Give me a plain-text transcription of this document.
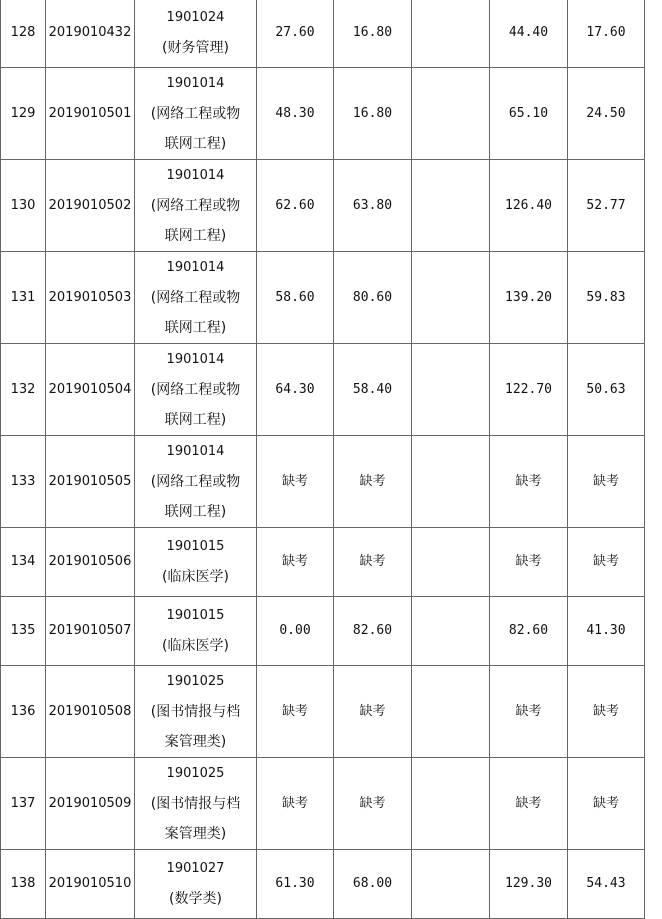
128	2019010432	1901024
(财务管理)	27.60	16.80		44.40	17.60
129	2019010501	1901014
(网络工程或物
联网工程)	48.30	16.80		65.10	24.50
130	2019010502	1901014
(网络工程或物
联网工程)	62.60	63.80		126.40	52.77
131	2019010503	1901014
(网络工程或物
联网工程)	58.60	80.60		139.20	59.83
132	2019010504	1901014
(网络工程或物
联网工程)	64.30	58.40		122.70	50.63
133	2019010505	1901014
(网络工程或物
联网工程)	缺考	缺考		缺考	缺考
134	2019010506	1901015
(临床医学)	缺考	缺考		缺考	缺考
135	2019010507	1901015
(临床医学)	0.00	82.60		82.60	41.30
136	2019010508	1901025
(图书情报与档
案管理类)	缺考	缺考		缺考	缺考
137	2019010509	1901025
(图书情报与档
案管理类)	缺考	缺考		缺考	缺考
138	2019010510	1901027
(数学类)	61.30	68.00		129.30	54.43
